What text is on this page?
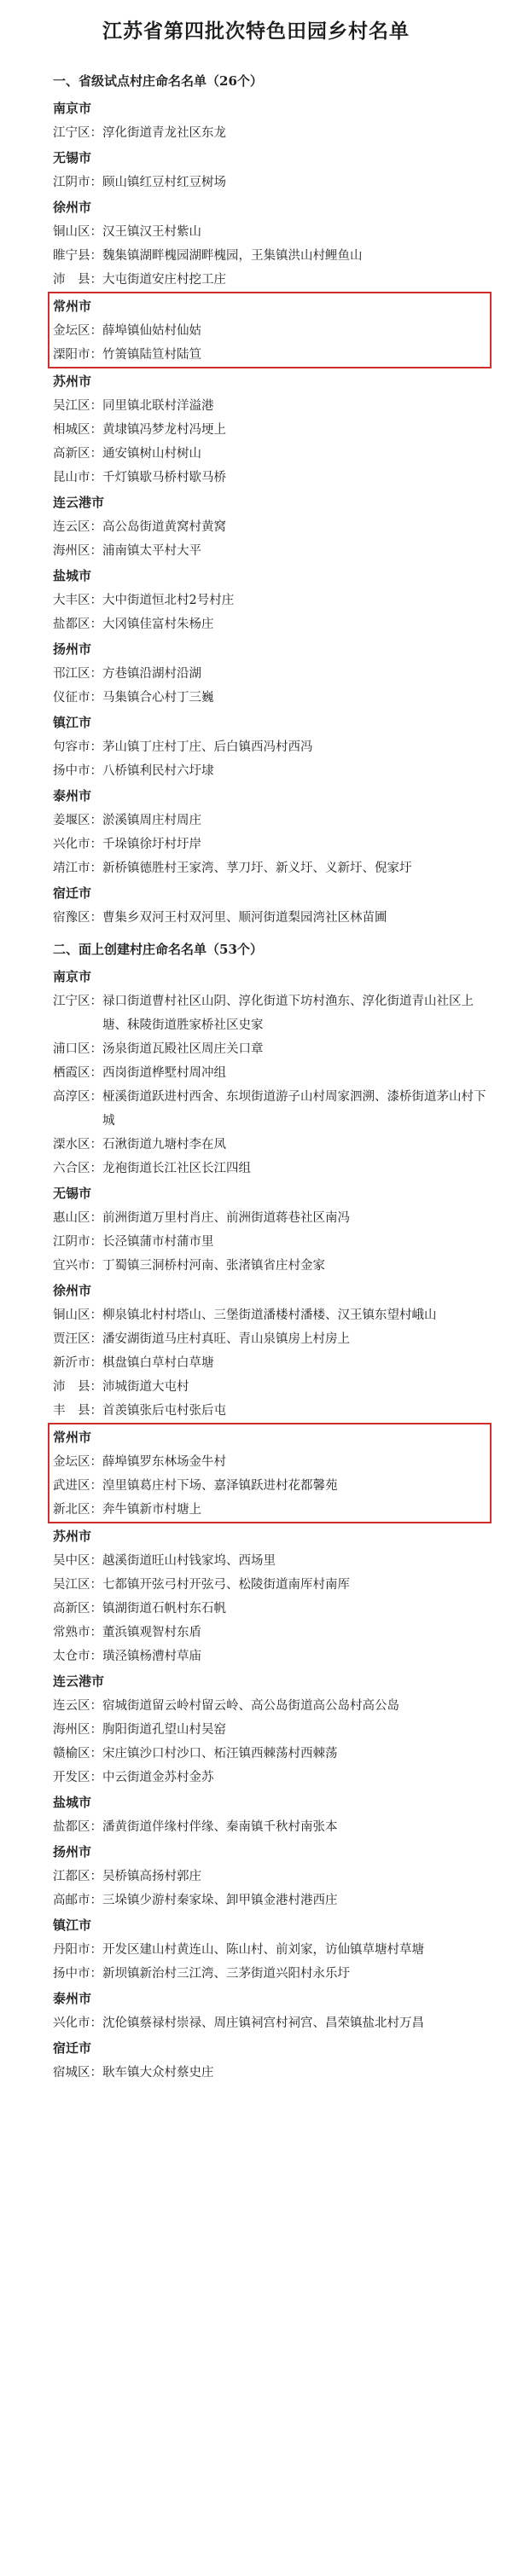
江苏省第四批次特色田园乡村名单
一、省级试点村庄命名名单（26个）
南京市
江宁区： 淳化街道青龙社区东龙
无锡市
江阴市： 顾山镇红豆村红豆树场
徐州市
铜山区： 汉王镇汉王村紫山
睢宁县： 魏集镇湖畔槐园湖畔槐园，王集镇洪山村鲤鱼山
沛　县： 大屯街道安庄村挖工庄
常州市
金坛区： 薛埠镇仙姑村仙姑
溧阳市： 竹箦镇陆笪村陆笪
苏州市
吴江区： 同里镇北联村洋溢港
相城区： 黄埭镇冯梦龙村冯埂上
高新区： 通安镇树山村树山
昆山市： 千灯镇歇马桥村歇马桥
连云港市
连云区： 高公岛街道黄窝村黄窝
海州区： 浦南镇太平村大平
盐城市
大丰区： 大中街道恒北村2号村庄
盐都区： 大冈镇佳富村朱杨庄
扬州市
邗江区： 方巷镇沿湖村沿湖
仪征市： 马集镇合心村丁三巍
镇江市
句容市： 茅山镇丁庄村丁庄、后白镇西冯村西冯
扬中市： 八桥镇利民村六圩埭
泰州市
姜堰区： 淤溪镇周庄村周庄
兴化市： 千垛镇徐圩村圩岸
靖江市： 新桥镇德胜村王家湾、莩刀圩、新义圩、义新圩、倪家圩
宿迁市
宿豫区： 曹集乡双河王村双河里、顺河街道梨园湾社区林苗圃
二、面上创建村庄命名名单（53个）
南京市
江宁区： 禄口街道曹村社区山阴、淳化街道下坊村渔东、淳化街道青山社区上塘、秣陵街道胜家桥社区史家
浦口区： 汤泉街道瓦殿社区周庄关口章
栖霞区： 西岗街道桦墅村周冲组
高淳区： 桠溪街道跃进村西舍、东坝街道游子山村周家泗溯、漆桥街道茅山村下城
溧水区： 石湫街道九塘村李在凤
六合区： 龙袍街道长江社区长江四组
无锡市
惠山区： 前洲街道万里村肖庄、前洲街道蒋巷社区南冯
江阴市： 长泾镇蒲市村蒲市里
宜兴市： 丁蜀镇三洞桥村河南、张渚镇省庄村金家
徐州市
铜山区： 柳泉镇北村村塔山、三堡街道潘楼村潘楼、汉王镇东望村峨山
贾汪区： 潘安湖街道马庄村真旺、青山泉镇房上村房上
新沂市： 棋盘镇白草村白草塘
沛　县： 沛城街道大屯村
丰　县： 首羡镇张后屯村张后屯
常州市
金坛区： 薛埠镇罗东林场金牛村
武进区： 湟里镇葛庄村下场、嘉泽镇跃进村花都馨苑
新北区： 奔牛镇新市村塘上
苏州市
吴中区： 越溪街道旺山村钱家坞、西场里
吴江区： 七都镇开弦弓村开弦弓、松陵街道南厍村南厍
高新区： 镇湖街道石帆村东石帆
常熟市： 董浜镇观智村东盾
太仓市： 璜泾镇杨漕村草庙
连云港市
连云区： 宿城街道留云岭村留云岭、高公岛街道高公岛村高公岛
海州区： 朐阳街道孔望山村吴窑
赣榆区： 宋庄镇沙口村沙口、柘汪镇西棘荡村西棘荡
开发区： 中云街道金苏村金苏
盐城市
盐都区： 潘黄街道伴缘村伴缘、秦南镇千秋村南张本
扬州市
江都区： 吴桥镇高扬村郭庄
高邮市： 三垛镇少游村秦家垛、卸甲镇金港村港西庄
镇江市
丹阳市： 开发区建山村黄连山、陈山村、前刘家，访仙镇草塘村草塘
扬中市： 新坝镇新治村三江湾、三茅街道兴阳村永乐圩
泰州市
兴化市： 沈伦镇蔡禄村崇禄、周庄镇祠宫村祠宫、昌荣镇盐北村万昌
宿迁市
宿城区： 耿车镇大众村蔡史庄
